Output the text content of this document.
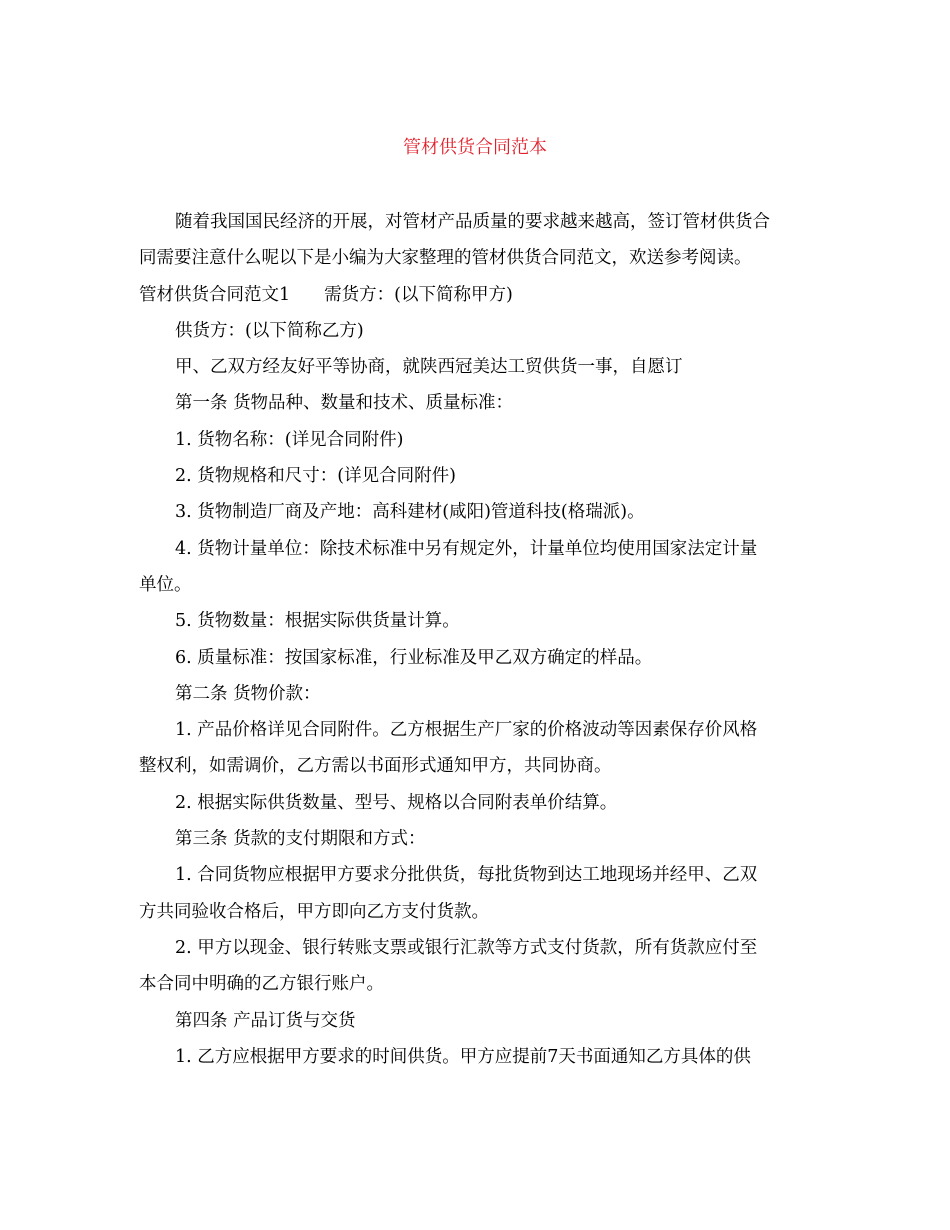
管材供货合同范本

随着我国国民经济的开展，对管材产品质量的要求越来越高，签订管材供货合

同需要注意什么呢以下是小编为大家整理的管材供货合同范文，欢送参考阅读。

管材供货合同范文1 需货方：(以下简称甲方)

供货方：(以下简称乙方)

甲、乙双方经友好平等协商，就陕西冠美达工贸供货一事，自愿订

第一条 货物品种、数量和技术、质量标准：

1. 货物名称：(详见合同附件)

2. 货物规格和尺寸：(详见合同附件)

3. 货物制造厂商及产地：高科建材(咸阳)管道科技(格瑞派)。

4. 货物计量单位：除技术标准中另有规定外，计量单位均使用国家法定计量

单位。

5. 货物数量：根据实际供货量计算。

6. 质量标准：按国家标准，行业标准及甲乙双方确定的样品。

第二条 货物价款：

1. 产品价格详见合同附件。乙方根据生产厂家的价格波动等因素保存价风格

整权利，如需调价，乙方需以书面形式通知甲方，共同协商。

2. 根据实际供货数量、型号、规格以合同附表单价结算。

第三条 货款的支付期限和方式：

1. 合同货物应根据甲方要求分批供货，每批货物到达工地现场并经甲、乙双

方共同验收合格后，甲方即向乙方支付货款。

2. 甲方以现金、银行转账支票或银行汇款等方式支付货款，所有货款应付至

本合同中明确的乙方银行账户。

第四条 产品订货与交货

1. 乙方应根据甲方要求的时间供货。甲方应提前7天书面通知乙方具体的供
